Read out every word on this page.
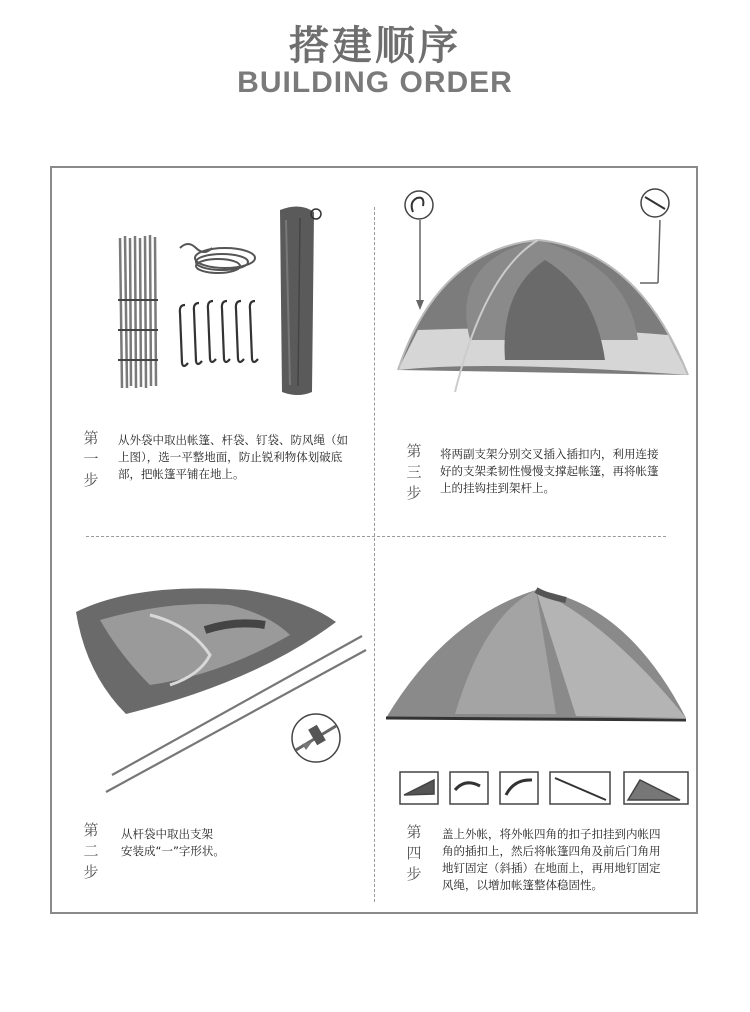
搭建顺序
BUILDING ORDER
第一步
从外袋中取出帐篷、杆袋、钉袋、防风绳（如
上图），选一平整地面，防止锐利物体划破底
部，把帐篷平铺在地上。
第三步
将两副支架分别交叉插入插扣内，利用连接
好的支架柔韧性慢慢支撑起帐篷，再将帐篷
上的挂钩挂到架杆上。
第二步
从杆袋中取出支架
安装成“一”字形状。
第四步
盖上外帐，将外帐四角的扣子扣挂到内帐四
角的插扣上，然后将帐篷四角及前后门角用
地钉固定（斜插）在地面上，再用地钉固定
风绳，以增加帐篷整体稳固性。
